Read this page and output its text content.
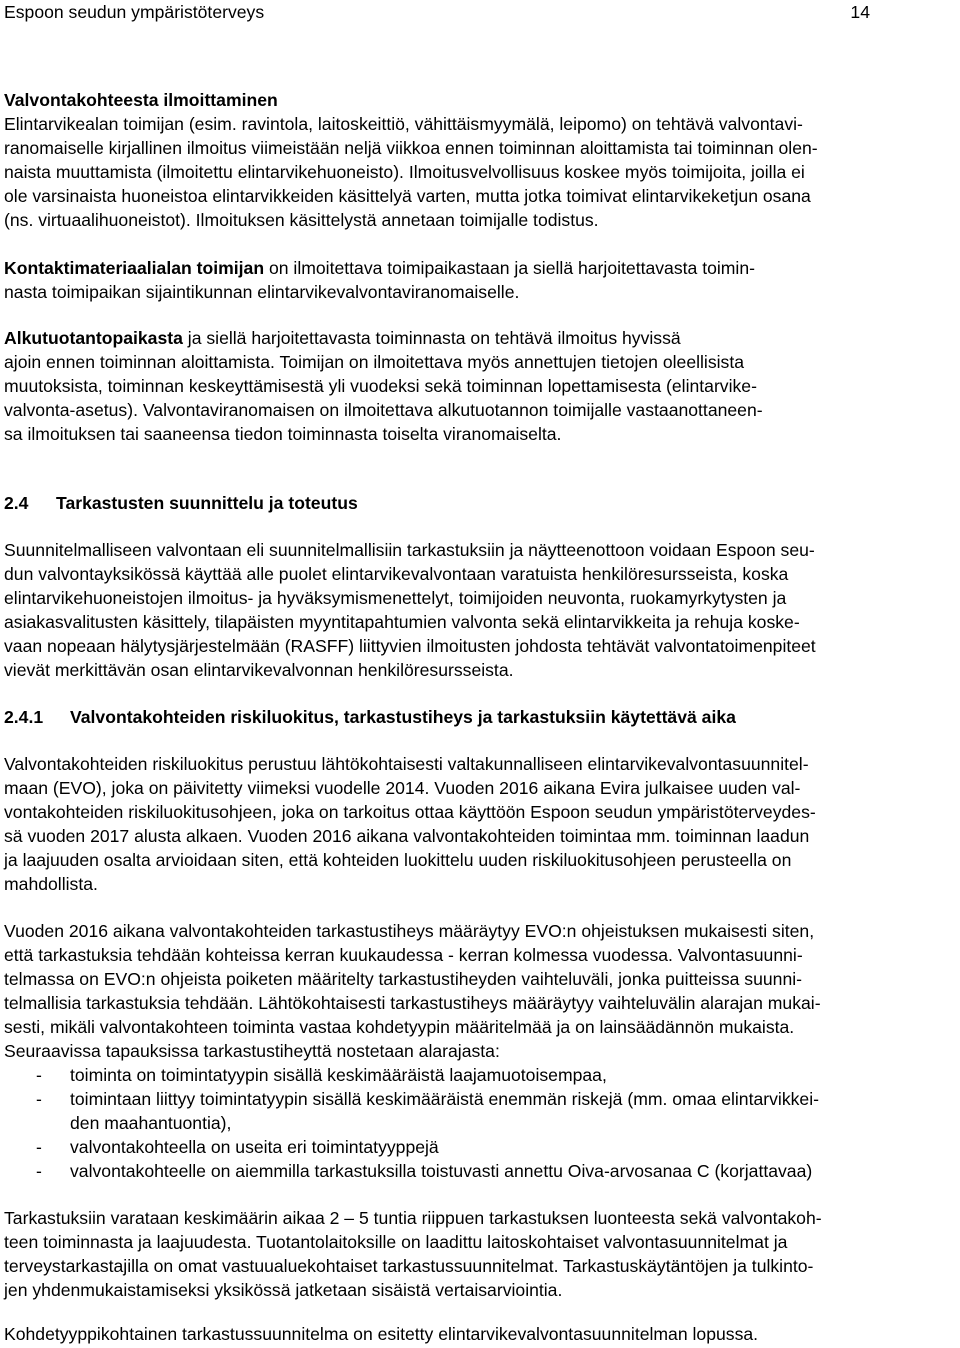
Espoon seudun ympäristöterveys	14
Valvontakohteesta ilmoittaminen
Elintarvikealan toimijan (esim. ravintola, laitoskeittiö, vähittäismyymälä, leipomo) on tehtävä valvontavi-
ranomaiselle kirjallinen ilmoitus viimeistään neljä viikkoa ennen toiminnan aloittamista tai toiminnan olen-
naista muuttamista (ilmoitettu elintarvikehuoneisto). Ilmoitusvelvollisuus koskee myös toimijoita, joilla ei
ole varsinaista huoneistoa elintarvikkeiden käsittelyä varten, mutta jotka toimivat elintarvikeketjun osana
(ns. virtuaalihuoneistot). Ilmoituksen käsittelystä annetaan toimijalle todistus.
Kontaktimateriaalialan toimijan on ilmoitettava toimipaikastaan ja siellä harjoitettavasta toimin-
nasta toimipaikan sijaintikunnan elintarvikevalvontaviranomaiselle.
Alkutuotantopaikasta ja siellä harjoitettavasta toiminnasta on tehtävä ilmoitus hyvissä
ajoin ennen toiminnan aloittamista. Toimijan on ilmoitettava myös annettujen tietojen oleellisista
muutoksista, toiminnan keskeyttämisestä yli vuodeksi sekä toiminnan lopettamisesta (elintarvike-
valvonta-asetus). Valvontaviranomaisen on ilmoitettava alkutuotannon toimijalle vastaanottaneen-
sa ilmoituksen tai saaneensa tiedon toiminnasta toiselta viranomaiselta.
2.4 Tarkastusten suunnittelu ja toteutus
Suunnitelmalliseen valvontaan eli suunnitelmallisiin tarkastuksiin ja näytteenottoon voidaan Espoon seu-
dun valvontayksikössä käyttää alle puolet elintarvikevalvontaan varatuista henkilöresursseista, koska
elintarvikehuoneistojen ilmoitus- ja hyväksymismenettelyt, toimijoiden neuvonta, ruokamyrkytysten ja
asiakasvalitusten käsittely, tilapäisten myyntitapahtumien valvonta sekä elintarvikkeita ja rehuja koske-
vaan nopeaan hälytysjärjestelmään (RASFF) liittyvien ilmoitusten johdosta tehtävät valvontatoimenpiteet
vievät merkittävän osan elintarvikevalvonnan henkilöresursseista.
2.4.1 Valvontakohteiden riskiluokitus, tarkastustiheys ja tarkastuksiin käytettävä aika
Valvontakohteiden riskiluokitus perustuu lähtökohtaisesti valtakunnalliseen elintarvikevalvontasuunnitel-
maan (EVO), joka on päivitetty viimeksi vuodelle 2014. Vuoden 2016 aikana Evira julkaisee uuden val-
vontakohteiden riskiluokitusohjeen, joka on tarkoitus ottaa käyttöön Espoon seudun ympäristöterveydes-
sä vuoden 2017 alusta alkaen. Vuoden 2016 aikana valvontakohteiden toimintaa mm. toiminnan laadun
ja laajuuden osalta arvioidaan siten, että kohteiden luokittelu uuden riskiluokitusohjeen perusteella on
mahdollista.
Vuoden 2016 aikana valvontakohteiden tarkastustiheys määräytyy EVO:n ohjeistuksen mukaisesti siten,
että tarkastuksia tehdään kohteissa kerran kuukaudessa - kerran kolmessa vuodessa. Valvontasuunni-
telmassa on EVO:n ohjeista poiketen määritelty tarkastustiheyden vaihteluväli, jonka puitteissa suunni-
telmallisia tarkastuksia tehdään. Lähtökohtaisesti tarkastustiheys määräytyy vaihteluvälin alarajan mukai-
sesti, mikäli valvontakohteen toiminta vastaa kohdetyypin määritelmää ja on lainsäädännön mukaista.
Seuraavissa tapauksissa tarkastustiheyttä nostetaan alarajasta:
- toiminta on toimintatyypin sisällä keskimääräistä laajamuotoisempaa,
- toimintaan liittyy toimintatyypin sisällä keskimääräistä enemmän riskejä (mm. omaa elintarvikkei-
den maahantuontia),
- valvontakohteella on useita eri toimintatyyppejä
- valvontakohteelle on aiemmilla tarkastuksilla toistuvasti annettu Oiva-arvosanaa C (korjattavaa)
Tarkastuksiin varataan keskimäärin aikaa 2 – 5 tuntia riippuen tarkastuksen luonteesta sekä valvontakoh-
teen toiminnasta ja laajuudesta. Tuotantolaitoksille on laadittu laitoskohtaiset valvontasuunnitelmat ja
terveystarkastajilla on omat vastuualuekohtaiset tarkastussuunnitelmat. Tarkastuskäytäntöjen ja tulkinto-
jen yhdenmukaistamiseksi yksikössä jatketaan sisäistä vertaisarviointia.
Kohdetyyppikohtainen tarkastussuunnitelma on esitetty elintarvikevalvontasuunnitelman lopussa.
